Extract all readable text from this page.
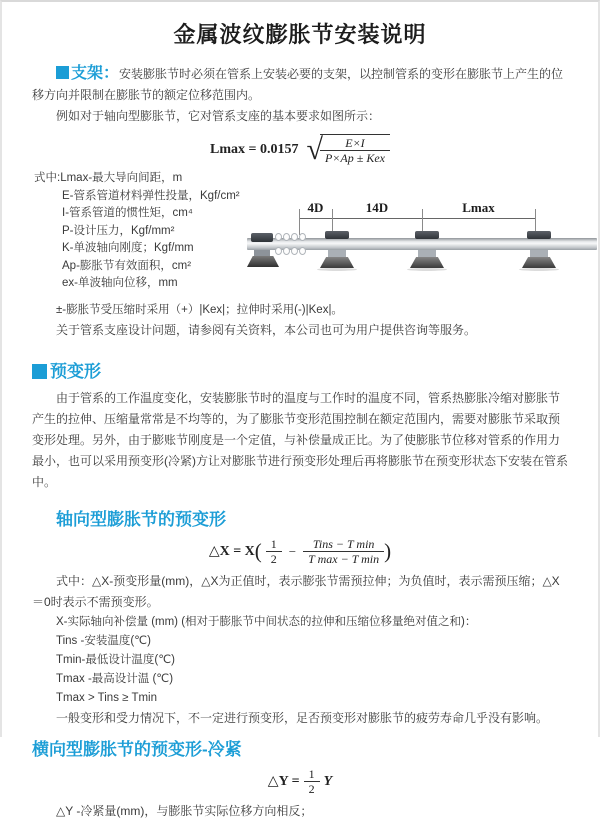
金属波纹膨胀节安装说明

支架：安装膨胀节时必须在管系上安装必要的支架，以控制管系的变形在膨胀节上产生的位移方向并限制在膨胀节的额定位移范围内。

例如对于轴向型膨胀节，它对管系支座的基本要求如图所示：

Lmax = 0.0157 √
$\frac{E\times I}{\text{P×Ap ± Kex}}$
式中:Lmax-最大导向间距，m
E-管系管道材料弹性投量，Kgf/cm²
I-管系管道的惯性矩，cm⁴
P-设计压力，Kgf/mm²
K-单波轴向刚度；Kgf/mm
Ap-膨胀节有效面积，cm²
ex-单波轴向位移，mm
4D	14D	Lmax

±-膨胀节受压缩时采用（+）|Kex|；拉伸时采用(-)|Kex|。

关于管系支座设计问题，请参阅有关资料，本公司也可为用户提供咨询等服务。

预变形

由于管系的工作温度变化，安装膨胀节时的温度与工作时的温度不同，管系热膨胀冷缩对膨胀节产生的拉伸、压缩量常常是不均等的，为了膨胀节变形范围控制在额定范围内，需要对膨胀节采取预变形处理。另外，由于膨账节刚度是一个定值，与补偿量成正比。为了使膨胀节位移对管系的作用力最小，也可以采用预变形(冷紧)方让对膨胀节进行预变形处理后再将膨胀节在预变形状态下安装在管系中。

轴向型膨胀节的预变形
△X = $X( \frac{1}{2} - \frac{\text{Tins − T min}}{\text{T max − T min}}$ )

式中：△X-预变形量(mm)，△X为正值时，表示膨张节需预拉伸；为负值时，表示需预压缩；△X＝0时表示不需预变形。

X-实际轴向补偿量 (mm) (相对于膨胀节中间状态的拉伸和压缩位移量绝对值之和)：
Tins -安装温度(℃)
Tmin-最低设计温度(℃)
Tmax -最高设计温 (℃)
Tmax > Tins ≥ Tmin

一般变形和受力情况下，不一定进行预变形，足否预变形对膨胀节的疲劳寿命几乎没有影响。

横向型膨胀节的预变形-冷紧
△Y = $\frac{1}{2}$ Y

△Y -冷紧量(mm)，与膨胀节实际位移方向相反；
